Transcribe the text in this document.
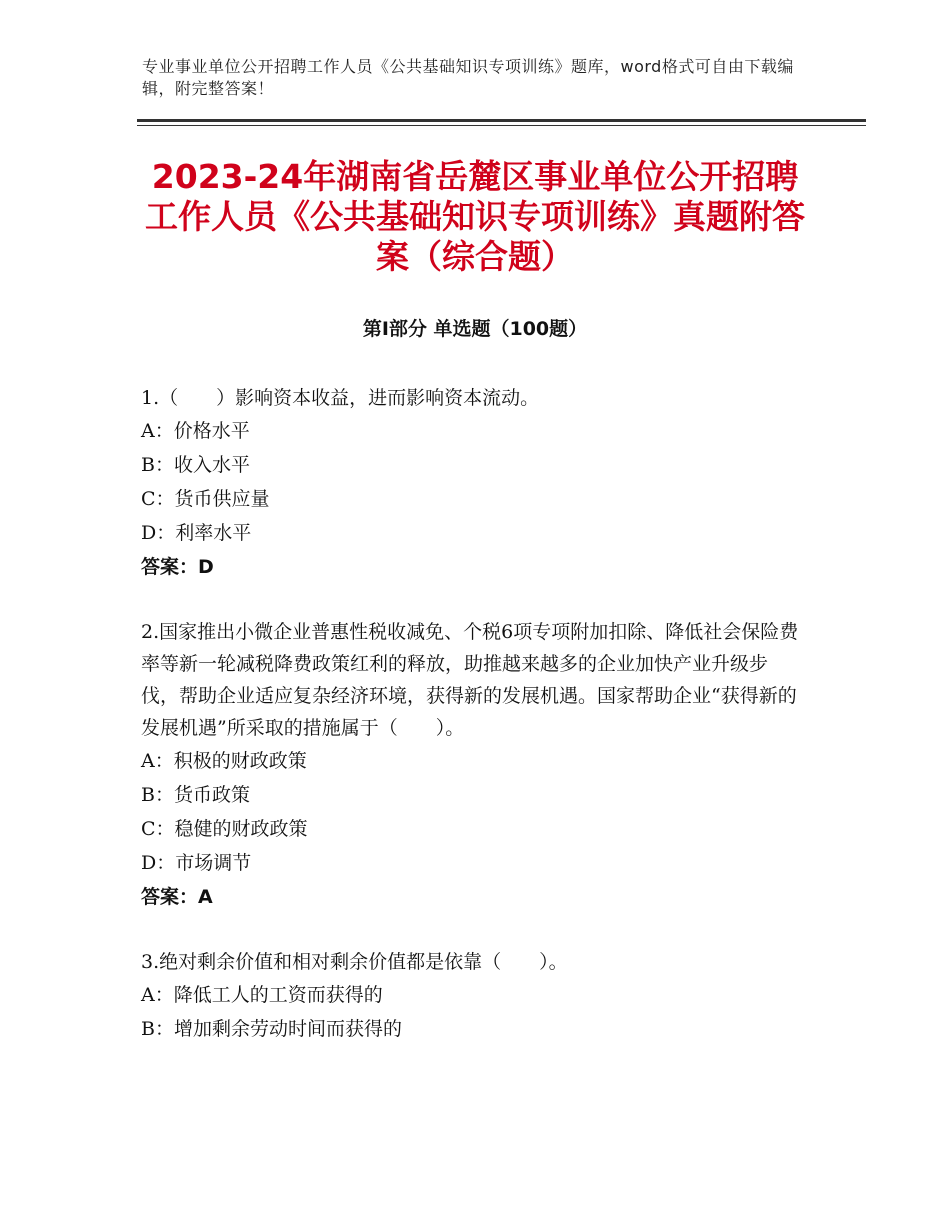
专业事业单位公开招聘工作人员《公共基础知识专项训练》题库，word格式可自由下载编辑，附完整答案！
2023-24年湖南省岳麓区事业单位公开招聘工作人员《公共基础知识专项训练》真题附答案（综合题）
第Ⅰ部分 单选题（100题）

1.（　　）影响资本收益，进而影响资本流动。

A：价格水平

B：收入水平

C：货币供应量

D：利率水平

答案：D

2.国家推出小微企业普惠性税收减免、个税6项专项附加扣除、降低社会保险费率等新一轮减税降费政策红利的释放，助推越来越多的企业加快产业升级步伐，帮助企业适应复杂经济环境，获得新的发展机遇。国家帮助企业“获得新的发展机遇”所采取的措施属于（　　）。

A：积极的财政政策

B：货币政策

C：稳健的财政政策

D：市场调节

答案：A

3.绝对剩余价值和相对剩余价值都是依靠（　　）。

A：降低工人的工资而获得的

B：增加剩余劳动时间而获得的
